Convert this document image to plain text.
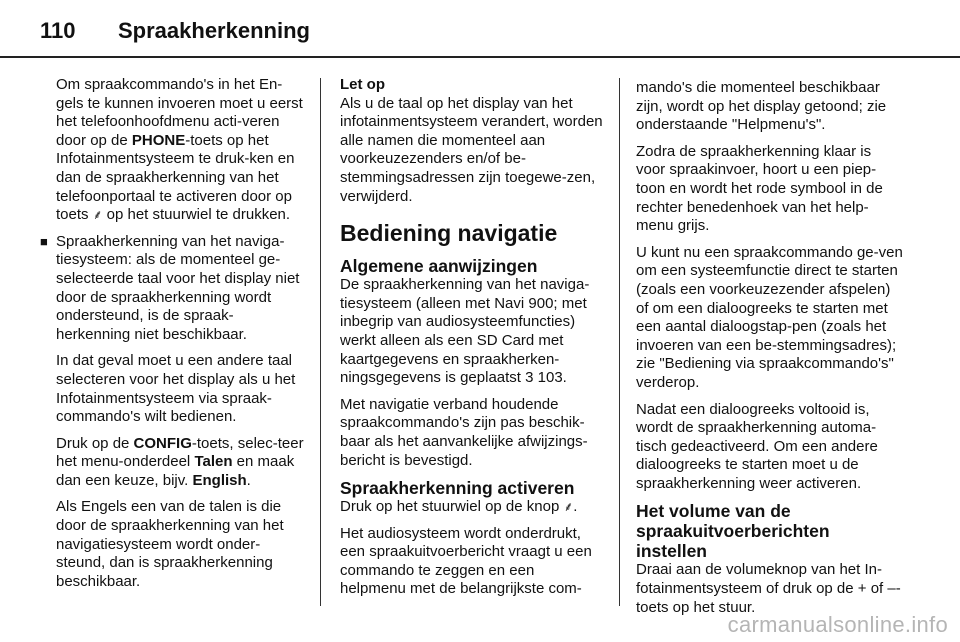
110 Spraakherkenning

Om spraakcommando's in het En-gels te kunnen invoeren moet u eerst het telefoonhoofdmenu acti-veren door op de PHONE-toets op het Infotainmentsysteem te druk-ken en dan de spraakherkenning van het telefoonportaal te activeren door op toets ⸙ op het stuurwiel te drukken.

■ Spraakherkenning van het naviga-tiesysteem: als de momenteel ge-selecteerde taal voor het display niet door de spraakherkenning wordt ondersteund, is de spraak-herkenning niet beschikbaar.

In dat geval moet u een andere taal selecteren voor het display als u het Infotainmentsysteem via spraak-commando's wilt bedienen.

Druk op de CONFIG-toets, selec-teer het menu-onderdeel Talen en maak dan een keuze, bijv. English.

Als Engels een van de talen is die door de spraakherkenning van het navigatiesysteem wordt onder-steund, dan is spraakherkenning beschikbaar.

Let op

Als u de taal op het display van het infotainmentsysteem verandert, worden alle namen die momenteel aan voorkeuzezenders en/of be-stemmingsadressen zijn toegewe-zen, verwijderd.

Bediening navigatie
Algemene aanwijzingen

De spraakherkenning van het naviga-tiesysteem (alleen met Navi 900; met inbegrip van audiosysteemfuncties) werkt alleen als een SD Card met kaartgegevens en spraakherken-ningsgegevens is geplaatst 3 103.

Met navigatie verband houdende spraakcommando's zijn pas beschik-baar als het aanvankelijke afwijzings-bericht is bevestigd.

Spraakherkenning activeren

Druk op het stuurwiel op de knop ⸙.

Het audiosysteem wordt onderdrukt, een spraakuitvoerbericht vraagt u een commando te zeggen en een helpmenu met de belangrijkste com-

mando's die momenteel beschikbaar zijn, wordt op het display getoond; zie onderstaande "Helpmenu's".

Zodra de spraakherkenning klaar is voor spraakinvoer, hoort u een piep-toon en wordt het rode symbool in de rechter benedenhoek van het help-menu grijs.

U kunt nu een spraakcommando ge-ven om een systeemfunctie direct te starten (zoals een voorkeuzezender afspelen) of om een dialoogreeks te starten met een aantal dialoogstap-pen (zoals het invoeren van een be-stemmingsadres); zie "Bediening via spraakcommando's" verderop.

Nadat een dialoogreeks voltooid is, wordt de spraakherkenning automa-tisch gedeactiveerd. Om een andere dialoogreeks te starten moet u de spraakherkenning weer activeren.

Het volume van de spraakuitvoerberichten instellen

Draai aan de volumeknop van het In-fotainmentsysteem of druk op de + of –-toets op het stuur.

carmanualsonline.info
